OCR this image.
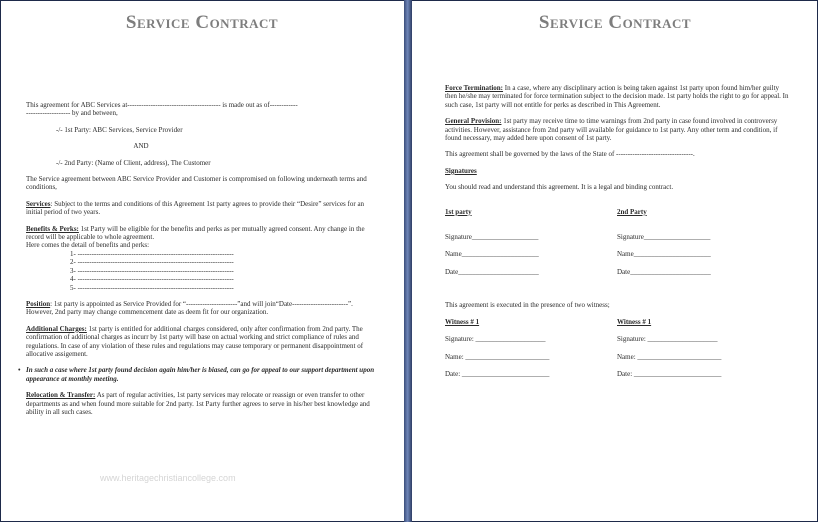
Service Contract

This agreement for ABC Services at---------------------------------------- is made out as of------------

------------------- by and between,

-/- 1st Party: ABC Services, Service Provider

AND

-/- 2nd Party: (Name of Client, address), The Customer

The Service agreement between ABC Service Provider and Customer is compromised on following underneath terms and conditions,

Services: Subject to the terms and conditions of this Agreement 1st party agrees to provide their “Desire” services for an initial period of two years.

Benefits & Perks: 1st Party will be eligible for the benefits and perks as per mutually agreed consent. Any change in the record will be applicable to whole agreement.

Here comes the detail of benefits and perks:

1- -------------------------------------------------------------------
2- -------------------------------------------------------------------
3- -------------------------------------------------------------------
4- -------------------------------------------------------------------
5- -------------------------------------------------------------------

Position: 1st party is appointed as Service Provided for “----------------------”and will join“Date------------------------”. However, 2nd party may change commencement date as deem fit for our organization.

Additional Charges: 1st party is entitled for additional charges considered, only after confirmation from 2nd party. The confirmation of additional charges as incurr by 1st party will base on actual working and strict compliance of rules and regulations. In case of any violation of these rules and regulations may cause temporary or permanent disappointment of allocative assigement.

• In such a case where 1st party found decision again him/her is biased, can go for appeal to our support department upon appearance at monthly meeting.

Relocation & Transfer: As part of regular activities, 1st party services may relocate or reassign or even transfer to other departments as and when found more suitable for 2nd party. 1st Party further agrees to serve in his/her best knowledge and ability in all such cases.

www.heritagechristiancollege.com
Service Contract

Force Termination: In a case, where any disciplinary action is being taken against 1st party upon found him/her guilty then he/she may terminated for force termination subject to the decision made. 1st party holds the right to go for appeal. In such case, 1st party will not entitle for perks as described in This Agreement.

General Provision: 1st party may receive time to time warnings from 2nd party in case found involved in controversy activities. However, assistance from 2nd party will available for guidance to 1st party. Any other term and condition, if found necessary, may added here upon consent of 1st party.

This agreement shall be governed by the laws of the State of ---------------------------------.

Signatures

You should read and understand this agreement. It is a legal and binding contract.

1st party

Signature___________________

Name______________________

Date_______________________

2nd Party

Signature___________________

Name______________________

Date_______________________

This agreement is executed in the presence of two witness;

Witness # 1

Signature: ____________________

Name: ________________________

Date: _________________________

Witness # 1

Signature: ____________________

Name: ________________________

Date: _________________________
